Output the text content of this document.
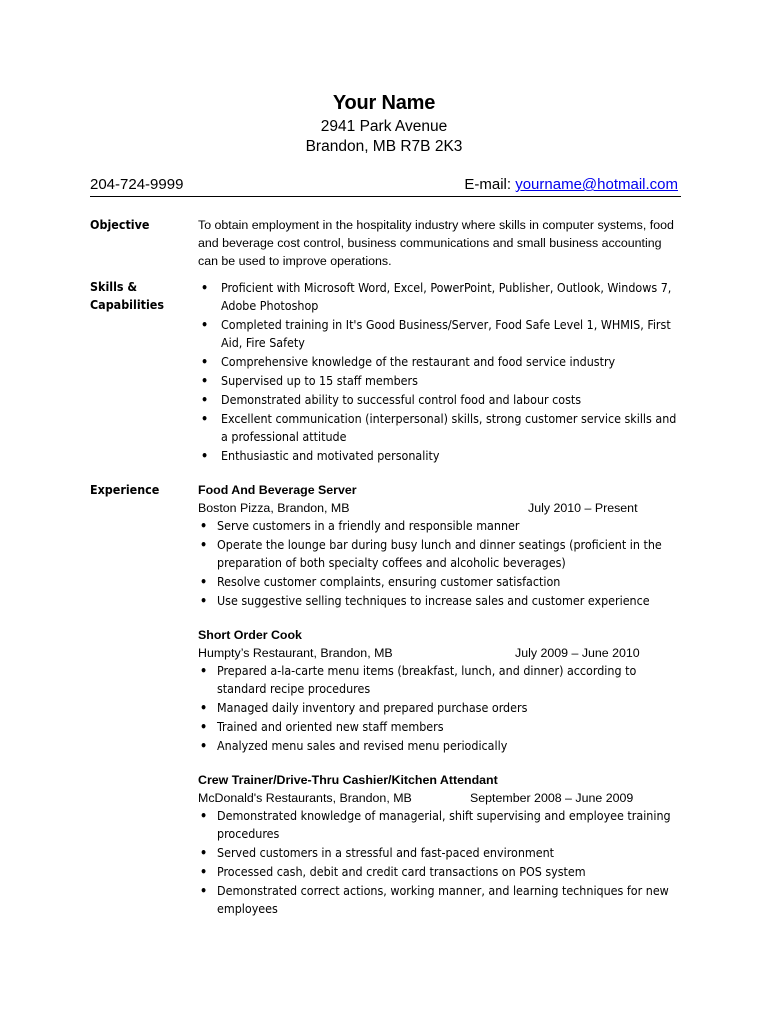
Your Name
2941 Park Avenue
Brandon, MB R7B 2K3
204-724-9999	E-mail: yourname@hotmail.com
Objective	To obtain employment in the hospitality industry where skills in computer systems, food and beverage cost control, business communications and small business accounting can be used to improve operations.

Skills & Capabilities
• Proficient with Microsoft Word, Excel, PowerPoint, Publisher, Outlook, Windows 7, Adobe Photoshop
• Completed training in It's Good Business/Server, Food Safe Level 1, WHMIS, First Aid, Fire Safety
• Comprehensive knowledge of the restaurant and food service industry
• Supervised up to 15 staff members
• Demonstrated ability to successful control food and labour costs
• Excellent communication (interpersonal) skills, strong customer service skills and a professional attitude
• Enthusiastic and motivated personality
Experience	Food And Beverage Server
Boston Pizza, Brandon, MB	July 2010 – Present
• Serve customers in a friendly and responsible manner
• Operate the lounge bar during busy lunch and dinner seatings (proficient in the preparation of both specialty coffees and alcoholic beverages)
• Resolve customer complaints, ensuring customer satisfaction
• Use suggestive selling techniques to increase sales and customer experience
Short Order Cook
Humpty’s Restaurant, Brandon, MB	July 2009 – June 2010
• Prepared a-la-carte menu items (breakfast, lunch, and dinner) according to standard recipe procedures
• Managed daily inventory and prepared purchase orders
• Trained and oriented new staff members
• Analyzed menu sales and revised menu periodically
Crew Trainer/Drive-Thru Cashier/Kitchen Attendant
McDonald's Restaurants, Brandon, MB	September 2008 – June 2009
• Demonstrated knowledge of managerial, shift supervising and employee training procedures
• Served customers in a stressful and fast-paced environment
• Processed cash, debit and credit card transactions on POS system
• Demonstrated correct actions, working manner, and learning techniques for new employees
